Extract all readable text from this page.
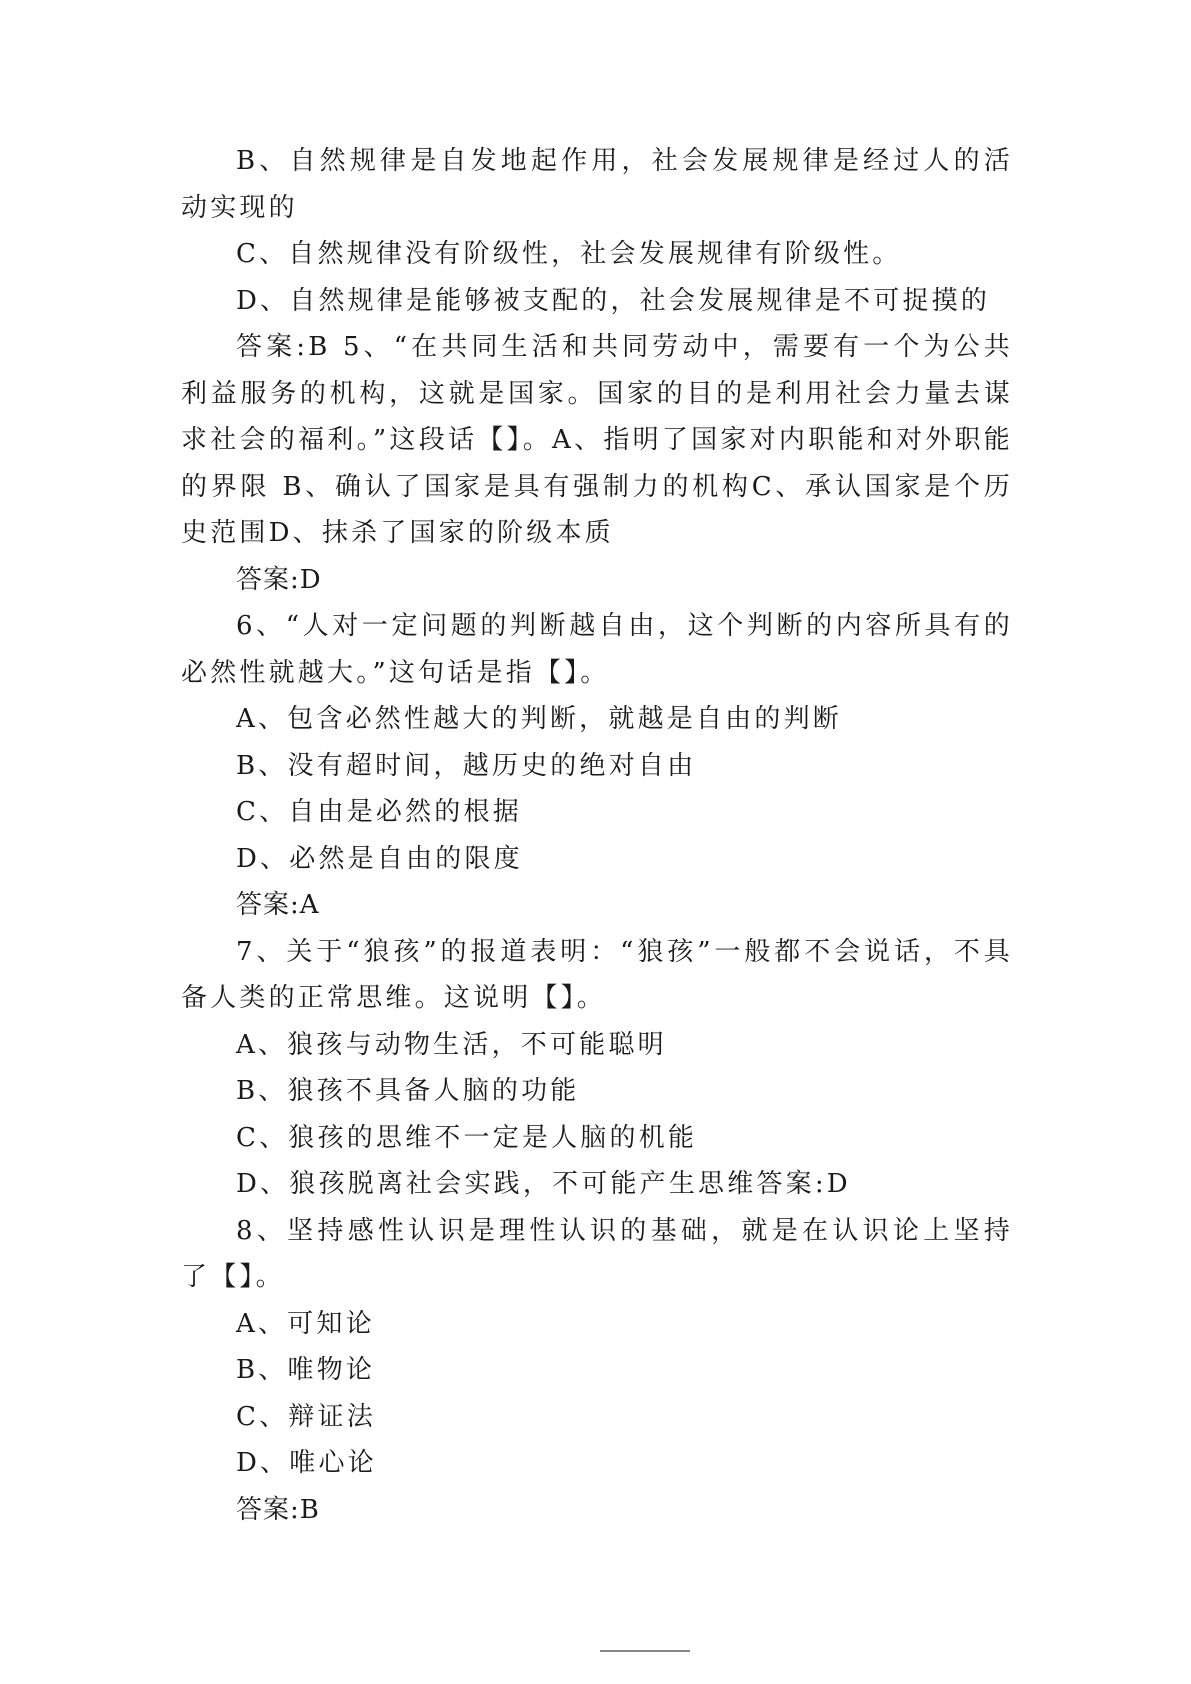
B、自然规律是自发地起作用，社会发展规律是经过人的活动实现的

C、自然规律没有阶级性，社会发展规律有阶级性。

D、自然规律是能够被支配的，社会发展规律是不可捉摸的

答案:B 5、“在共同生活和共同劳动中，需要有一个为公共利益服务的机构，这就是国家。国家的目的是利用社会力量去谋求社会的福利。”这段话【】。A、指明了国家对内职能和对外职能的界限 B、确认了国家是具有强制力的机构C、承认国家是个历史范围D、抹杀了国家的阶级本质

答案:D

6、“人对一定问题的判断越自由，这个判断的内容所具有的必然性就越大。”这句话是指【】。

A、包含必然性越大的判断，就越是自由的判断

B、没有超时间，越历史的绝对自由

C、自由是必然的根据

D、必然是自由的限度

答案:A

7、关于“狼孩”的报道表明：“狼孩”一般都不会说话，不具备人类的正常思维。这说明【】。

A、狼孩与动物生活，不可能聪明

B、狼孩不具备人脑的功能

C、狼孩的思维不一定是人脑的机能

D、狼孩脱离社会实践，不可能产生思维答案:D

8、坚持感性认识是理性认识的基础，就是在认识论上坚持了【】。

A、可知论

B、唯物论

C、辩证法

D、唯心论

答案:B
